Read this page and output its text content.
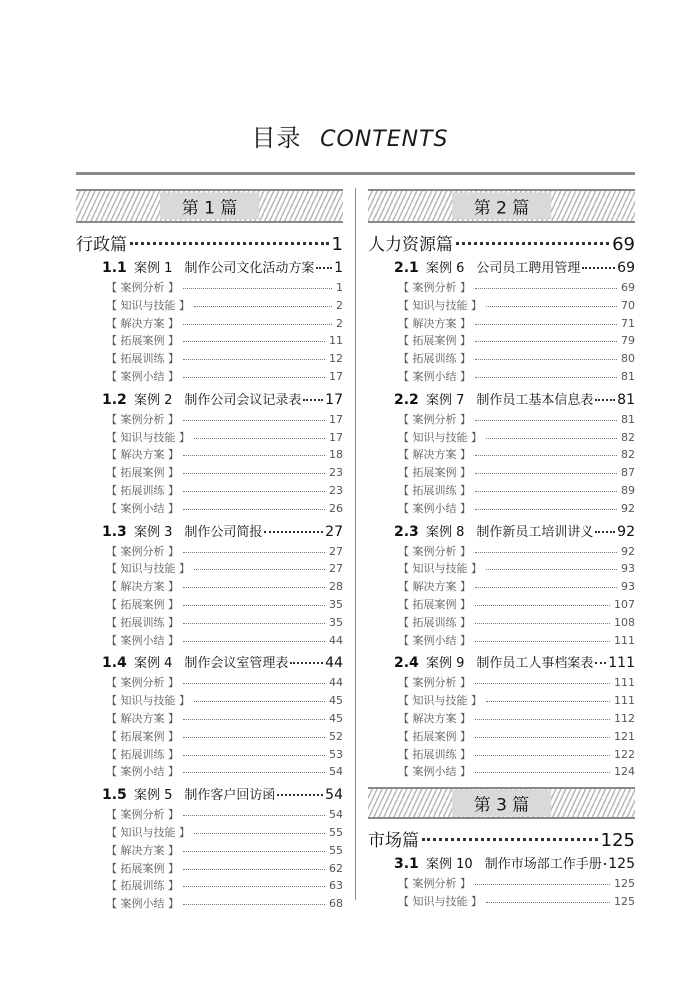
目录 CONTENTS
第 1 篇
行政篇	1
1.1 案例 1 制作公司文化活动方案 1
【 案例分析 】	1
【 知识与技能 】	2
【 解决方案 】	2
【 拓展案例 】	11
【 拓展训练 】	12
【 案例小结 】	17
1.2 案例 2 制作公司会议记录表 17
【 案例分析 】	17
【 知识与技能 】	17
【 解决方案 】	18
【 拓展案例 】	23
【 拓展训练 】	23
【 案例小结 】	26
1.3 案例 3 制作公司简报	27
【 案例分析 】	27
【 知识与技能 】	27
【 解决方案 】	28
【 拓展案例 】	35
【 拓展训练 】	35
【 案例小结 】	44
1.4 案例 4 制作会议室管理表	44
【 案例分析 】	44
【 知识与技能 】	45
【 解决方案 】	45
【 拓展案例 】	52
【 拓展训练 】	53
【 案例小结 】	54
1.5 案例 5 制作客户回访函	54
【 案例分析 】	54
【 知识与技能 】	55
【 解决方案 】	55
【 拓展案例 】	62
【 拓展训练 】	63
【 案例小结 】	68
第 2 篇
人力资源篇	69
2.1 案例 6 公司员工聘用管理	69
【 案例分析 】	69
【 知识与技能 】	70
【 解决方案 】	71
【 拓展案例 】	79
【 拓展训练 】	80
【 案例小结 】	81
2.2 案例 7 制作员工基本信息表 81
【 案例分析 】	81
【 知识与技能 】	82
【 解决方案 】	82
【 拓展案例 】	87
【 拓展训练 】	89
【 案例小结 】	92
2.3 案例 8 制作新员工培训讲义 92
【 案例分析 】	92
【 知识与技能 】	93
【 解决方案 】	93
【 拓展案例 】	107
【 拓展训练 】	108
【 案例小结 】	111
2.4 案例 9 制作员工人事档案表 111
【 案例分析 】	111
【 知识与技能 】	111
【 解决方案 】	112
【 拓展案例 】	121
【 拓展训练 】	122
【 案例小结 】	124
第 3 篇
市场篇	125
3.1 案例 10 制作市场部工作手册 125
【 案例分析 】	125
【 知识与技能 】	125
